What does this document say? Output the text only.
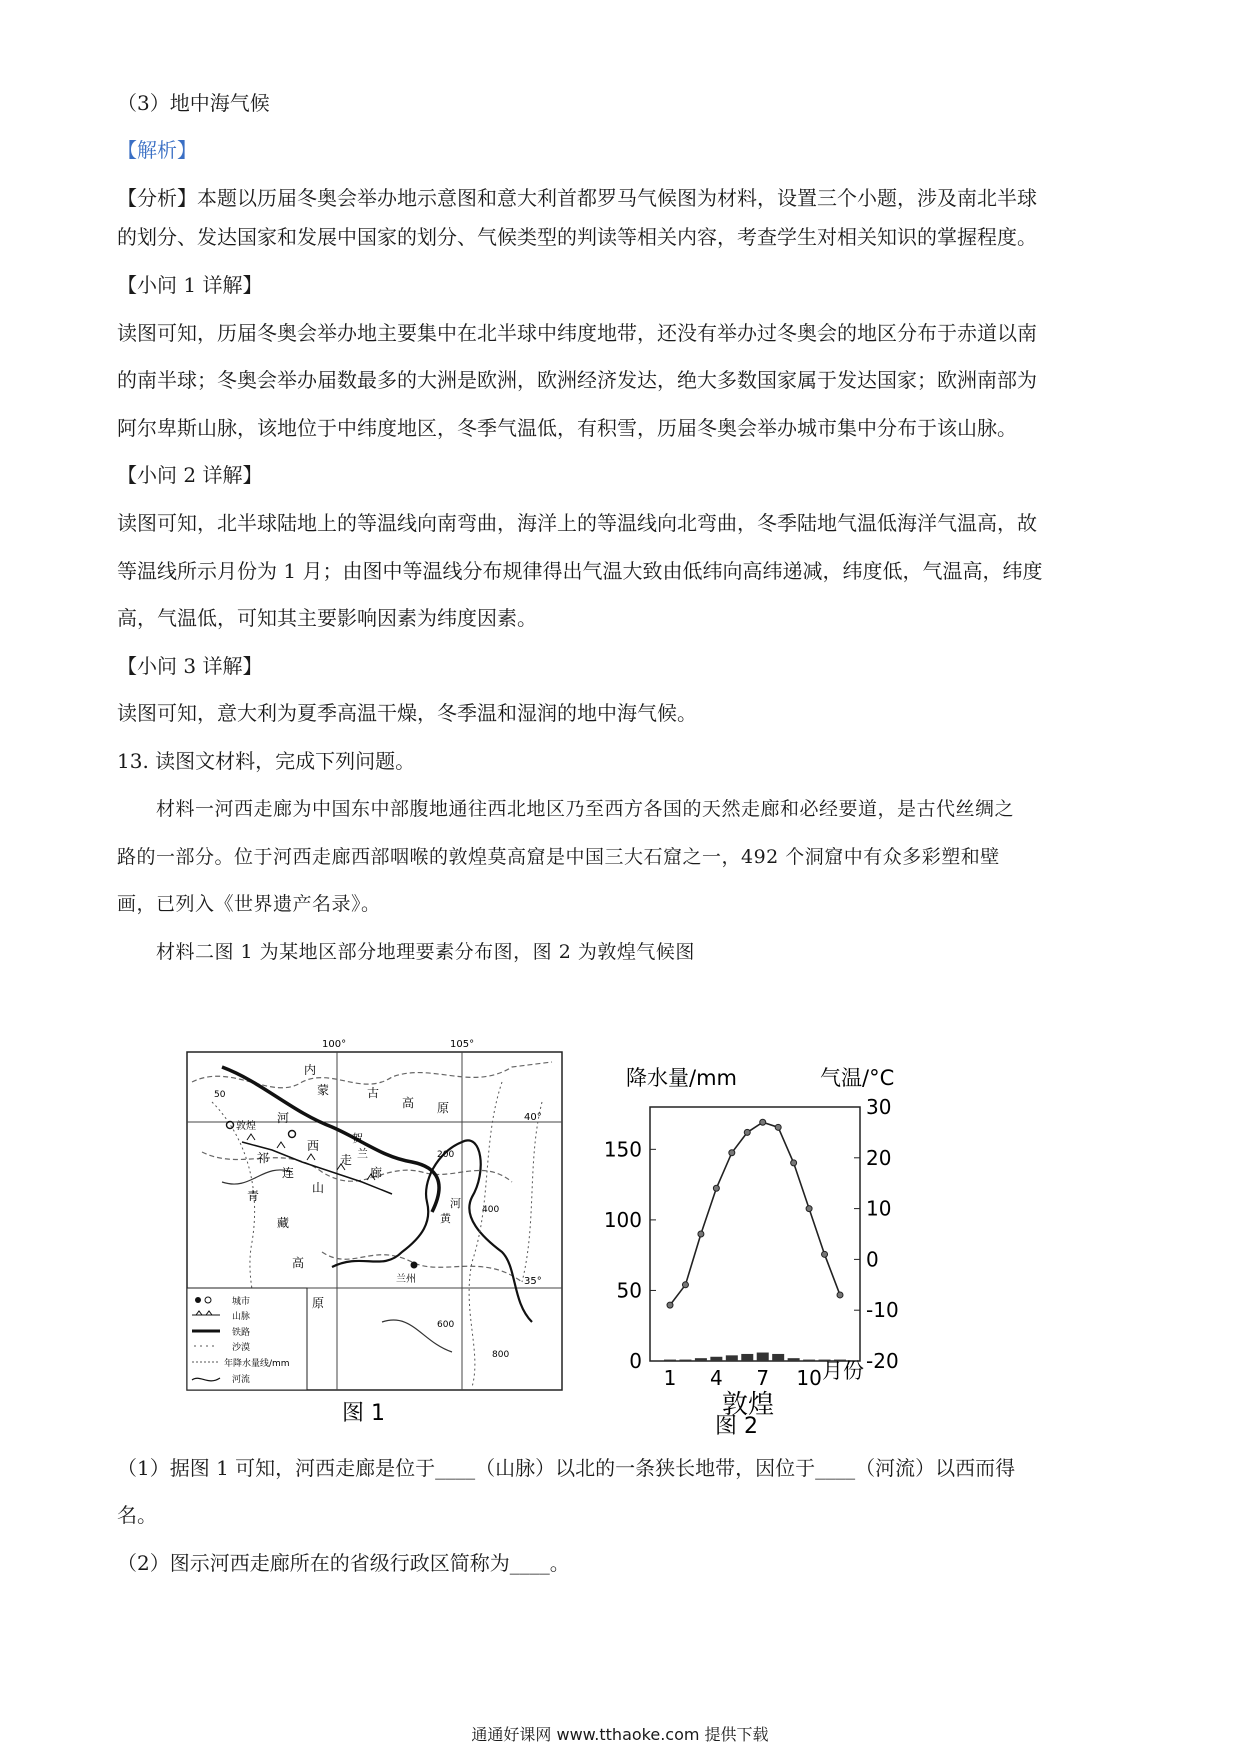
（3）地中海气候
【解析】
【分析】本题以历届冬奥会举办地示意图和意大利首都罗马气候图为材料，设置三个小题，涉及南北半球
的划分、发达国家和发展中国家的划分、气候类型的判读等相关内容，考查学生对相关知识的掌握程度。
【小问 1 详解】
读图可知，历届冬奥会举办地主要集中在北半球中纬度地带，还没有举办过冬奥会的地区分布于赤道以南
的南半球；冬奥会举办届数最多的大洲是欧洲，欧洲经济发达，绝大多数国家属于发达国家；欧洲南部为
阿尔卑斯山脉，该地位于中纬度地区，冬季气温低，有积雪，历届冬奥会举办城市集中分布于该山脉。
【小问 2 详解】
读图可知，北半球陆地上的等温线向南弯曲，海洋上的等温线向北弯曲，冬季陆地气温低海洋气温高，故
等温线所示月份为 1 月；由图中等温线分布规律得出气温大致由低纬向高纬递减，纬度低，气温高，纬度
高，气温低，可知其主要影响因素为纬度因素。
【小问 3 详解】
读图可知，意大利为夏季高温干燥，冬季温和湿润的地中海气候。
13. 读图文材料，完成下列问题。
材料一河西走廊为中国东中部腹地通往西北地区乃至西方各国的天然走廊和必经要道，是古代丝绸之
路的一部分。位于河西走廊西部咽喉的敦煌莫高窟是中国三大石窟之一，492 个洞窟中有众多彩塑和壁
画，已列入《世界遗产名录》。
材料二图 1 为某地区部分地理要素分布图，图 2 为敦煌气候图
100°	105°
40°
35°
内
蒙	古
高 原
敦煌
河
西
走
廊
祁
连
山
青
藏
高
原
兰州
黄
河
贺
兰
50
200
400
600
800
城市
山脉
铁路
沙漠
年降水量线/mm
河流
图 1
降水量/mm	气温/°C
0
50
100
150
30
20
10
0
-10
-20
1 4 7 10 月份
敦煌
图 2
（1）据图 1 可知，河西走廊是位于____（山脉）以北的一条狭长地带，因位于____（河流）以西而得
名。
（2）图示河西走廊所在的省级行政区简称为____。
通通好课网 www.tthaoke.com 提供下载
